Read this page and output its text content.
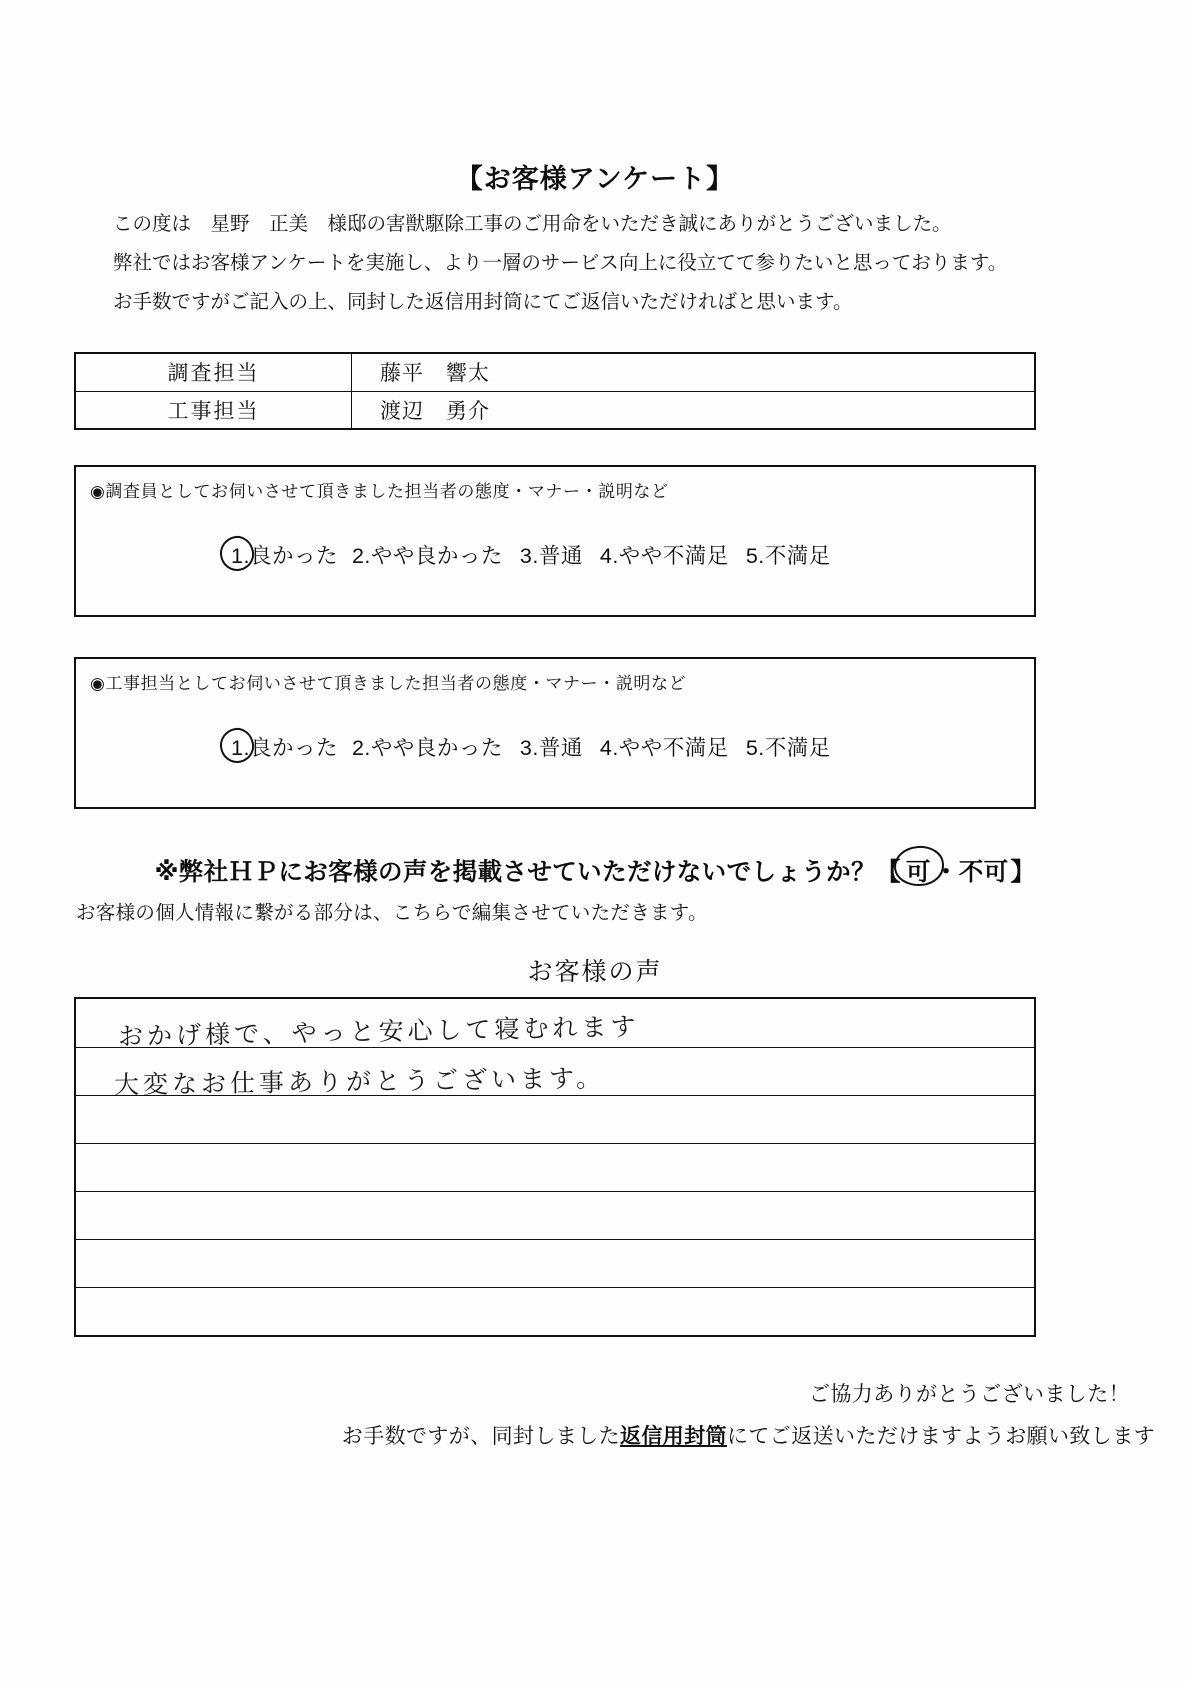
【お客様アンケート】
この度は　星野　正美　様邸の害獣駆除工事のご用命をいただき誠にありがとうございました。
弊社ではお客様アンケートを実施し、より一層のサービス向上に役立てて参りたいと思っております。
お手数ですがご記入の上、同封した返信用封筒にてご返信いただければと思います。
調査担当	藤平　響太
工事担当	渡辺　勇介
◉調査員としてお伺いさせて頂きました担当者の態度・マナー・説明など
1.良かった 2.やや良かった 3.普通 4.やや不満足 5.不満足
◉工事担当としてお伺いさせて頂きました担当者の態度・マナー・説明など
1.良かった 2.やや良かった 3.普通 4.やや不満足 5.不満足
※弊社ＨＰにお客様の声を掲載させていただけないでしょうか？【 可 ・不可】
お客様の個人情報に繋がる部分は、こちらで編集させていただきます。
お客様の声
おかげ様で、やっと安心して寝むれます
大変なお仕事ありがとうございます。
ご協力ありがとうございました！
お手数ですが、同封しました返信用封筒にてご返送いただけますようお願い致します
